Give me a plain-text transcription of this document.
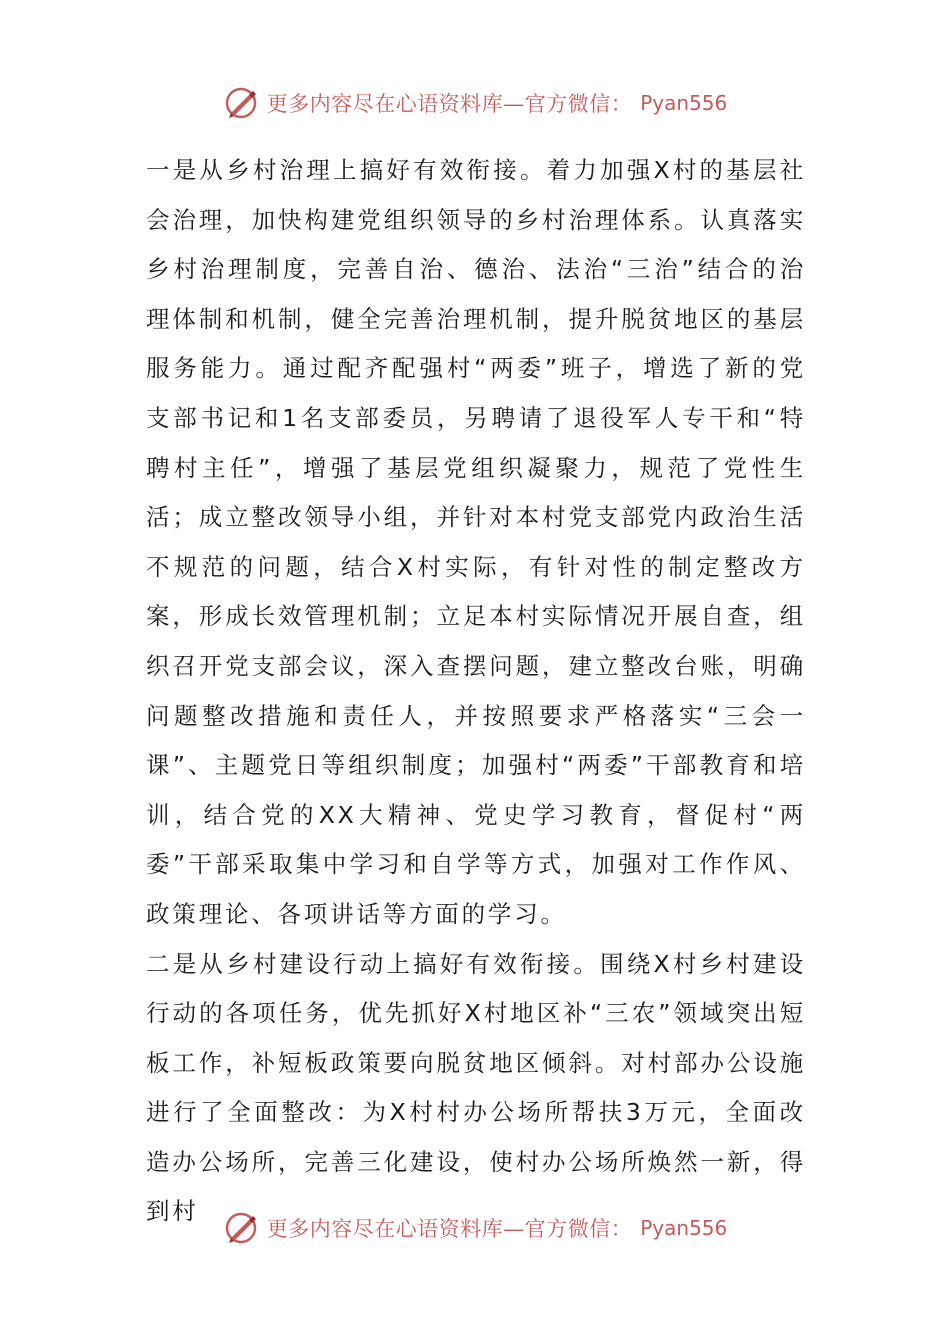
更多内容尽在心语资料库—官方微信： Pyan556

一是从乡村治理上搞好有效衔接。着力加强X村的基层社会治理，加快构建党组织领导的乡村治理体系。认真落实乡村治理制度，完善自治、德治、法治“三治”结合的治理体制和机制，健全完善治理机制，提升脱贫地区的基层服务能力。通过配齐配强村“两委”班子，增选了新的党支部书记和1名支部委员，另聘请了退役军人专干和“特聘村主任”，增强了基层党组织凝聚力，规范了党性生活；成立整改领导小组，并针对本村党支部党内政治生活不规范的问题，结合X村实际，有针对性的制定整改方案，形成长效管理机制；立足本村实际情况开展自查，组织召开党支部会议，深入查摆问题，建立整改台账，明确问题整改措施和责任人，并按照要求严格落实“三会一课”、主题党日等组织制度；加强村“两委”干部教育和培训，结合党的XX大精神、党史学习教育，督促村“两委”干部采取集中学习和自学等方式，加强对工作作风、政策理论、各项讲话等方面的学习。

二是从乡村建设行动上搞好有效衔接。围绕X村乡村建设行动的各项任务，优先抓好X村地区补“三农”领域突出短板工作，补短板政策要向脱贫地区倾斜。对村部办公设施进行了全面整改：为X村村办公场所帮扶3万元，全面改造办公场所，完善三化建设，使村办公场所焕然一新，得到村

更多内容尽在心语资料库—官方微信： Pyan556
